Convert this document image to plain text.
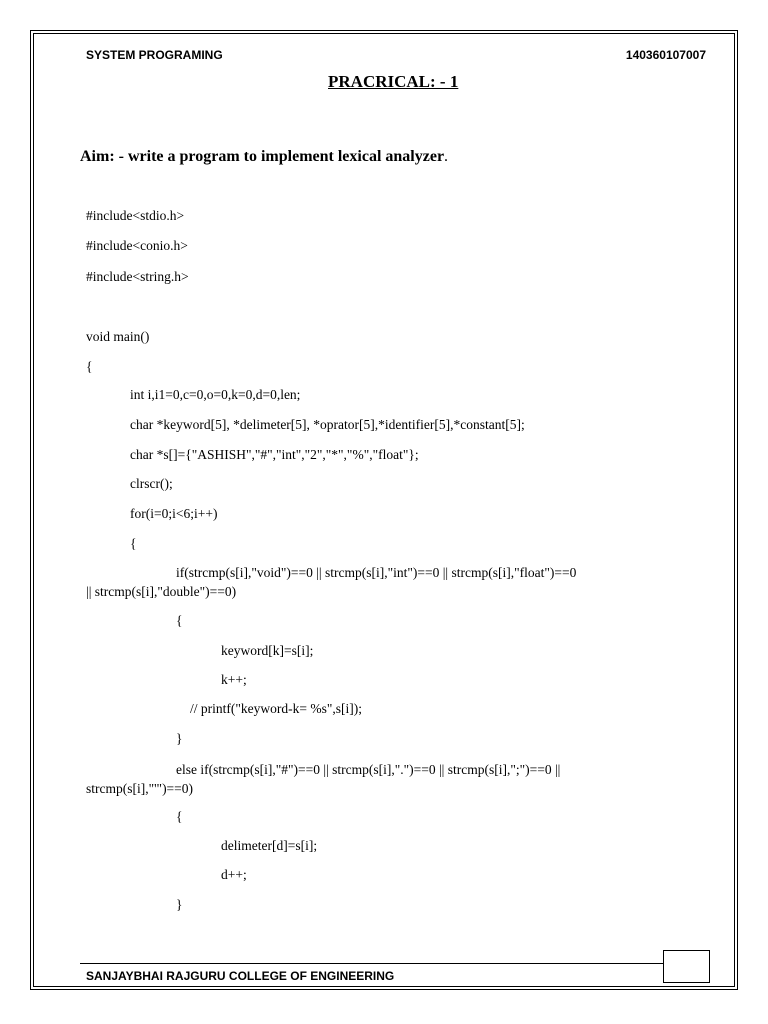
SYSTEM PROGRAMING	140360107007
PRACRICAL: - 1
Aim: - write a program to implement lexical analyzer.
#include<stdio.h>
#include<conio.h>
#include<string.h>
void main()
{
int i,i1=0,c=0,o=0,k=0,d=0,len;
char *keyword[5], *delimeter[5], *oprator[5],*identifier[5],*constant[5];
char *s[]={"ASHISH","#","int","2","*","%","float"};
clrscr();
for(i=0;i<6;i++)
{
if(strcmp(s[i],"void")==0 || strcmp(s[i],"int")==0 || strcmp(s[i],"float")==0
|| strcmp(s[i],"double")==0)
{
keyword[k]=s[i];
k++;
// printf("keyword-k= %s",s[i]);
}
else if(strcmp(s[i],"#")==0 || strcmp(s[i],".")==0 || strcmp(s[i],";")==0 ||
strcmp(s[i],"'")==0)
{
delimeter[d]=s[i];
d++;
}
SANJAYBHAI RAJGURU COLLEGE OF ENGINEERING
